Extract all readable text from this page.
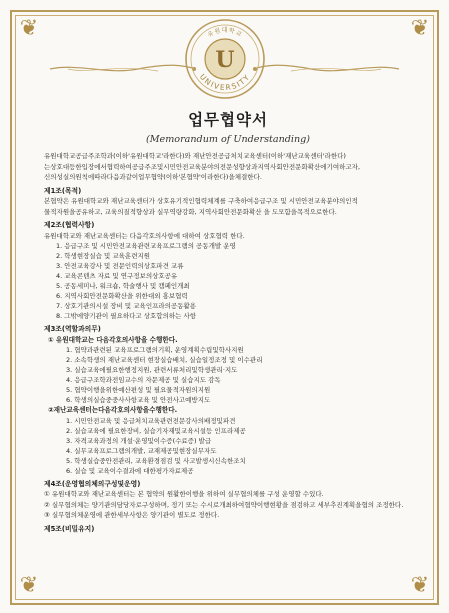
❦	❦
❦	❦
U
UNIVERSITY
유원대학교
업무협약서
(Memorandum of Understanding)

유원대학교공급주조학과(이하'유원대학교'라한다)와 재난안전공급처치교육센터(이하'재난교육센터'라한다)는상호대등한입장에서협력하여공급주조및시민안전교육분야의전문성향상과지역사회안전문화확산에기여하고자, 신의성실의원칙에따라다음과같이업무협약(이하'본협약'이라한다)을체결한다.

제1조(목적)

본협약은 유원대학교와 재난교육센터가 상호유기적인협력체계를 구축하여응급구조 및 시민안전교육분야의인적 물적자원을공유하고, 교육의질적향상과 실무역량강화, 지역사회안전문화확산 을 도모함을목적으로한다.

제2조(협력사항)

유원대학교와 재난교육센터는 다음각호의사항에 대하여 상호협력 한다.

1. 응급구조 및 시민안전교육관련교육프로그램의 공동개발 운영
2. 학생현장실습 및 교육훈련지원
3. 안전교육강사 및 전문인력의상호파견 교류
4. 교육콘텐츠 자료 및 연구정보의상호공유
5. 공동세미나, 워크숍, 학술행사 및 캠페인개최
6. 지역사회안전문화확산을 위한대외 홍보협력
7. 상호기관의시설 장비 및 교육인프라의공동활용
8. 그밖에양기관이 필요하다고 상호합의하는 사항
제3조(역할과의무)
① 유원대학교는 다음각호의사항을 수행한다.
1. 협약과관련된 교육프로그램의기획, 운영계획수립및학사지원
2. 소속학생의 재난교육센터 현장실습배치, 실습일정조정 및 이수관리
3. 실습교육에필요한행정지원, 관련서류처리및학생관리·지도
4. 응급구조학과전임교수의 자문제공 및 실습지도 감독
5. 협약이행을위한예산편성 및 필요물적자원의지원
6. 학생의실습중중사사항교육 및 안전사고예방지도
②재난교육센터는다음각호의사항을수행한다.
1. 시민안전교육 및 응급처치교육관련전문강사의배정및파견
2. 실습교육에 필요한장비, 실습기자재및교육시설등 인프라제공
3. 자격교육과정의 개설·운영및이수증(수료증) 발급
4. 실무교육프로그램의개발, 교재제공및현장실무자도
5. 학생실습중안전관리, 교육환경점검 및 사고발생시신속한조치
6. 실습 및 교육이수결과에 대한평가자료제공
제4조(운영협의체의구성및운영)

① 유원대학교와 재난교육센터는 본 협약의 원활한이행을 위하여 실무협의체를 구성 운영할 수있다.

② 실무협의체는 양기관의담당자로구성하며, 정기 또는 수시로개최하여협약이행현황을 점검하고 세부추진계획을협의 조정한다.

③ 실무협의체운영에 관한세부사항은 양기관이 별도로 정한다.

제5조(비밀유지)
